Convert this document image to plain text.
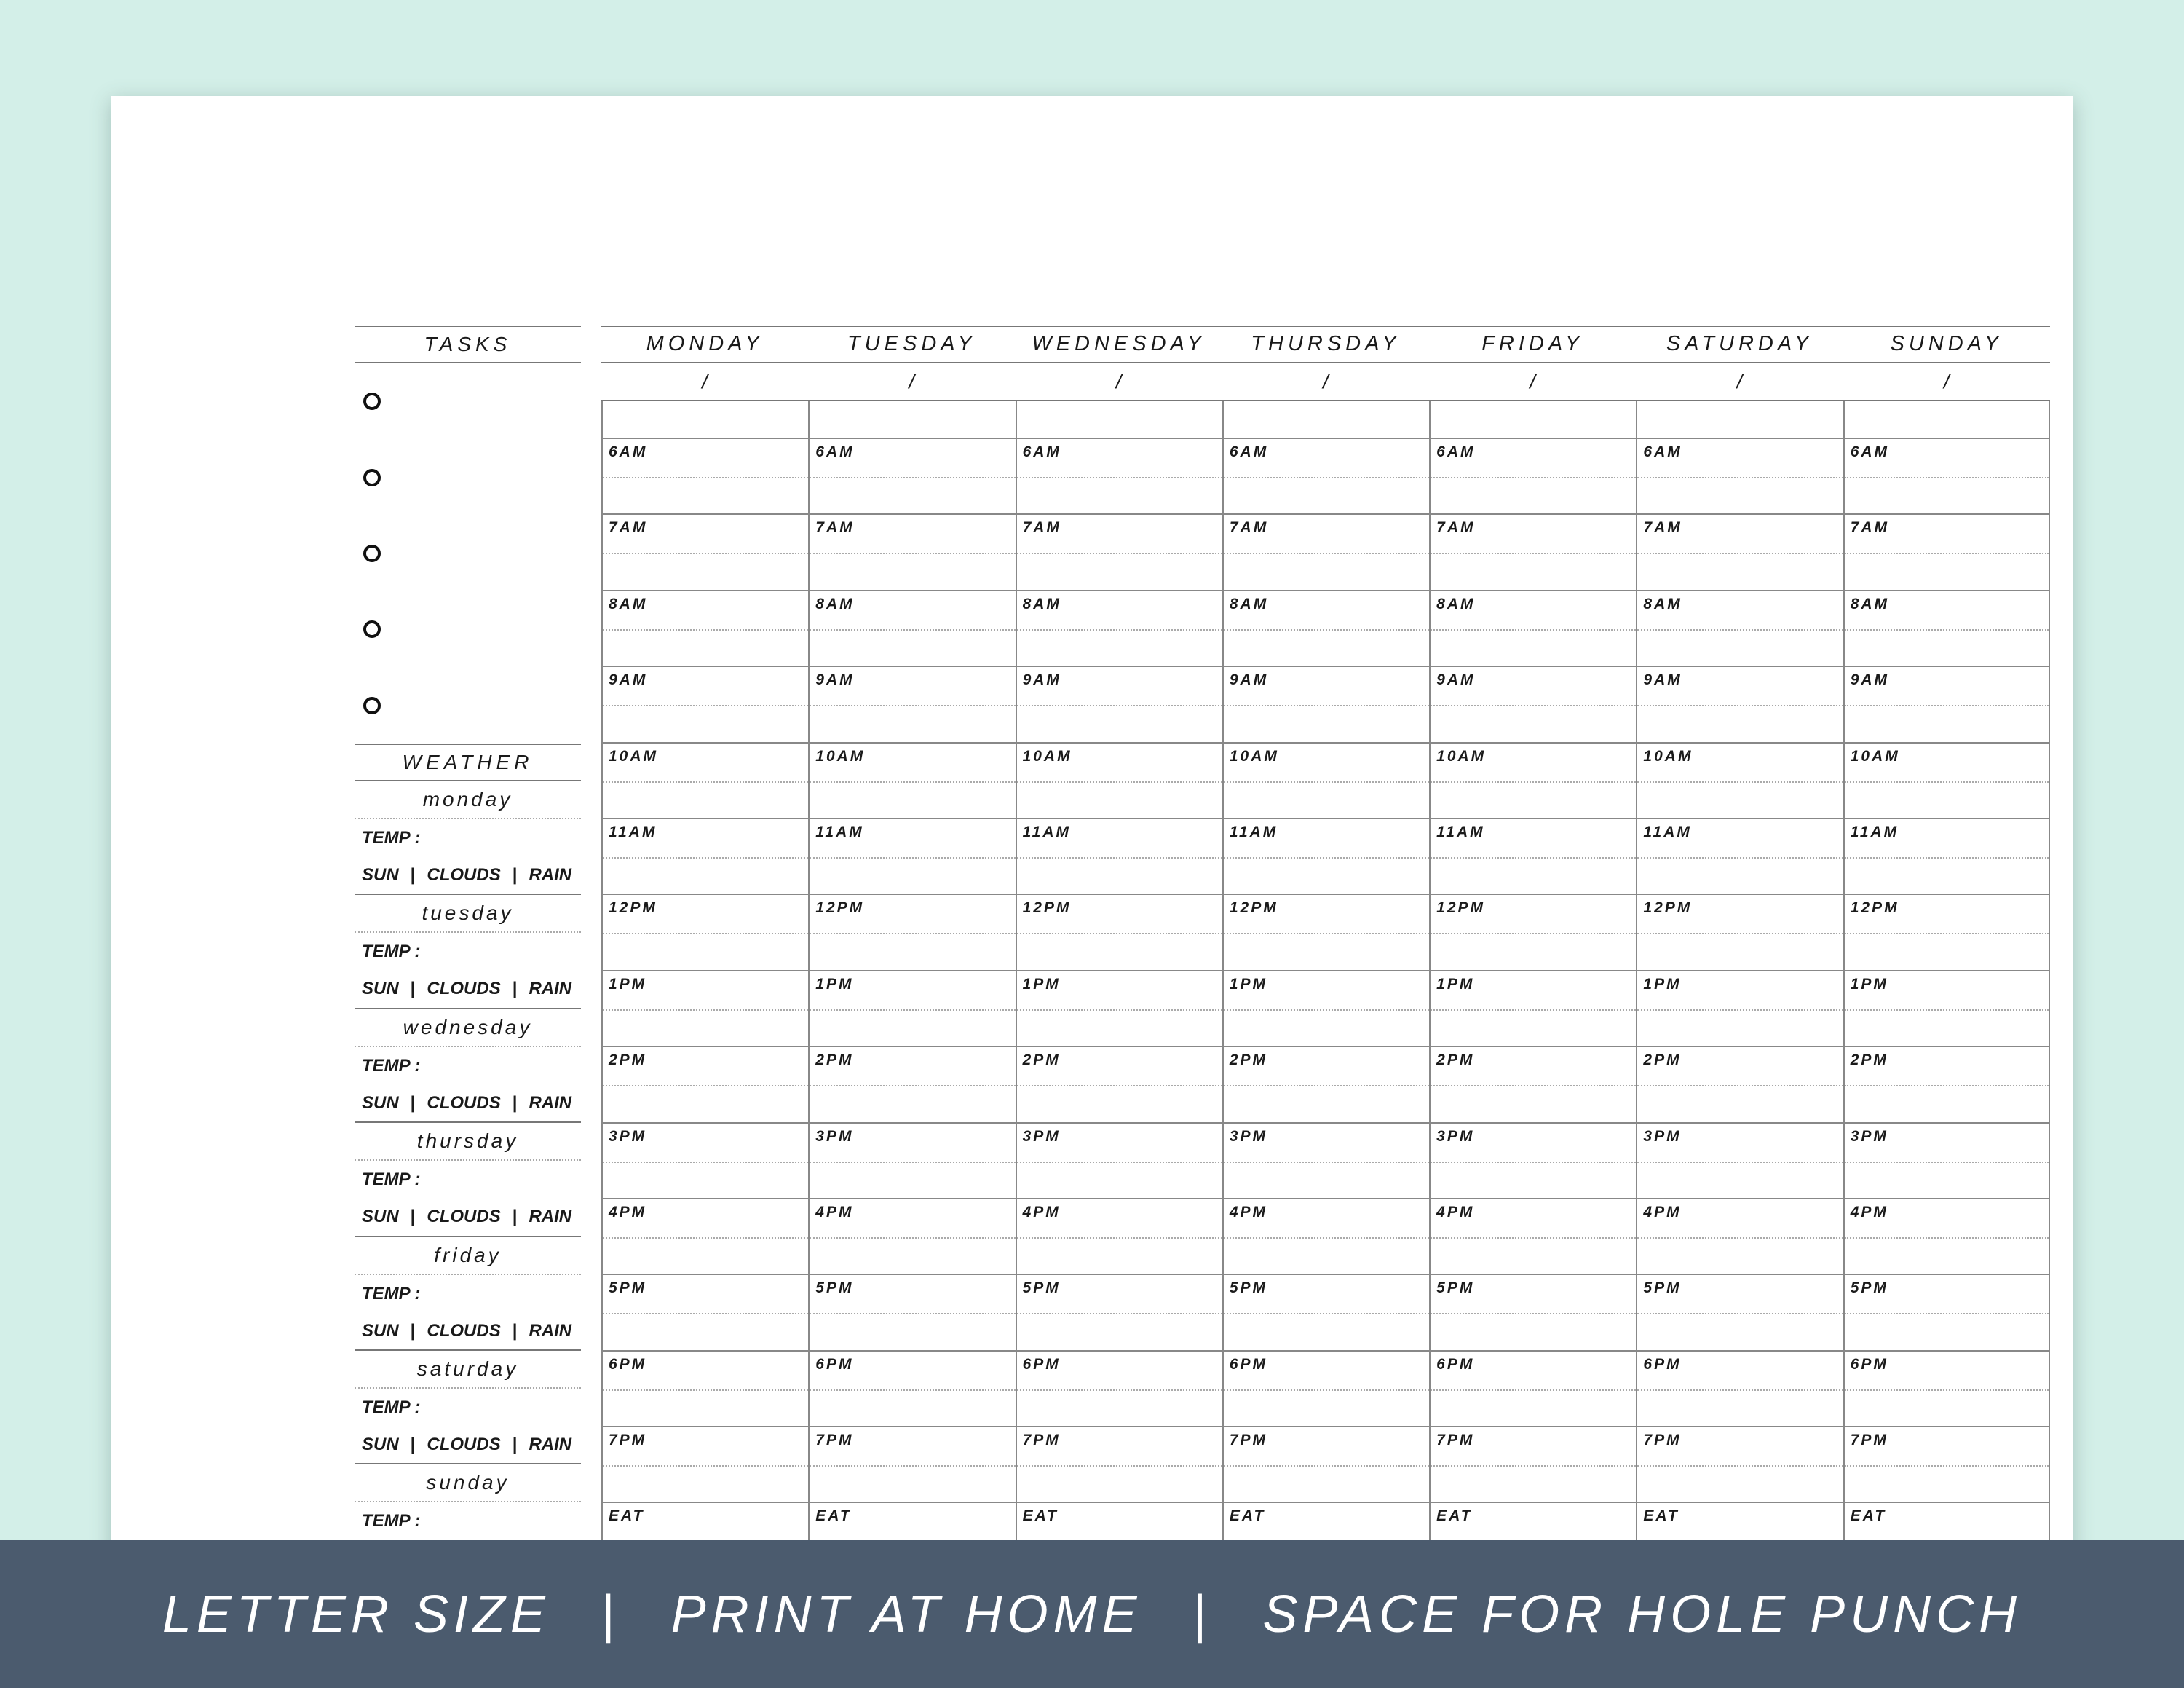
TASKS
WEATHER
monday
TEMP :
SUN | CLOUDS | RAIN
tuesday
TEMP :
SUN | CLOUDS | RAIN
wednesday
TEMP :
SUN | CLOUDS | RAIN
thursday
TEMP :
SUN | CLOUDS | RAIN
friday
TEMP :
SUN | CLOUDS | RAIN
saturday
TEMP :
SUN | CLOUDS | RAIN
sunday
TEMP :
MONDAY
/
6AM
7AM
8AM
9AM
10AM
11AM
12PM
1PM
2PM
3PM
4PM
5PM
6PM
7PM
EAT
TUESDAY
/
6AM
7AM
8AM
9AM
10AM
11AM
12PM
1PM
2PM
3PM
4PM
5PM
6PM
7PM
EAT
WEDNESDAY
/
6AM
7AM
8AM
9AM
10AM
11AM
12PM
1PM
2PM
3PM
4PM
5PM
6PM
7PM
EAT
THURSDAY
/
6AM
7AM
8AM
9AM
10AM
11AM
12PM
1PM
2PM
3PM
4PM
5PM
6PM
7PM
EAT
FRIDAY
/
6AM
7AM
8AM
9AM
10AM
11AM
12PM
1PM
2PM
3PM
4PM
5PM
6PM
7PM
EAT
SATURDAY
/
6AM
7AM
8AM
9AM
10AM
11AM
12PM
1PM
2PM
3PM
4PM
5PM
6PM
7PM
EAT
SUNDAY
/
6AM
7AM
8AM
9AM
10AM
11AM
12PM
1PM
2PM
3PM
4PM
5PM
6PM
7PM
EAT
LETTER SIZE | PRINT AT HOME | SPACE FOR HOLE PUNCH
